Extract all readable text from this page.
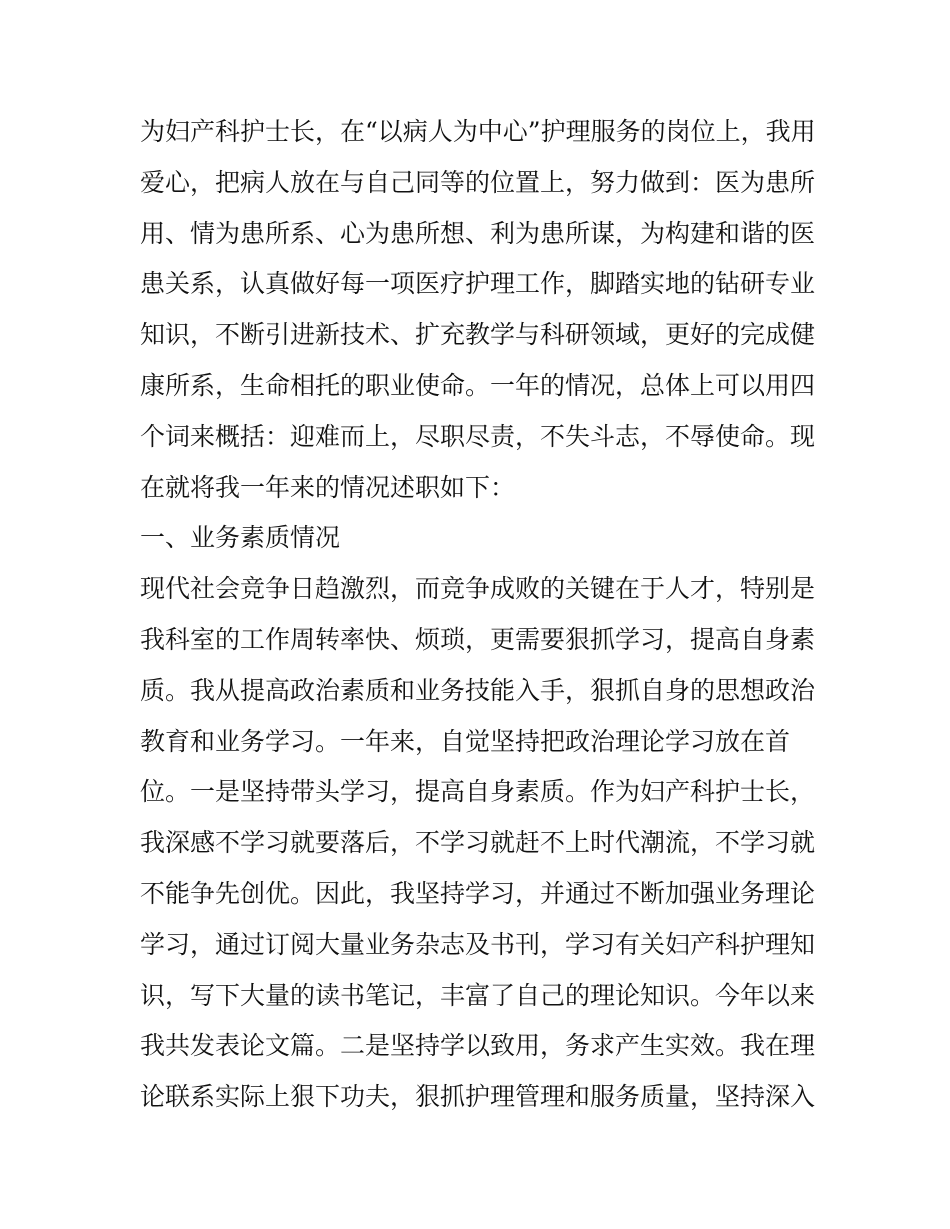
为妇产科护士长，在“以病人为中心”护理服务的岗位上，我用
爱心，把病人放在与自己同等的位置上，努力做到：医为患所
用、情为患所系、心为患所想、利为患所谋，为构建和谐的医
患关系，认真做好每一项医疗护理工作，脚踏实地的钻研专业
知识，不断引进新技术、扩充教学与科研领域，更好的完成健
康所系，生命相托的职业使命。一年的情况，总体上可以用四
个词来概括：迎难而上，尽职尽责，不失斗志，不辱使命。现
在就将我一年来的情况述职如下：
一、业务素质情况
现代社会竞争日趋激烈，而竞争成败的关键在于人才，特别是
我科室的工作周转率快、烦琐，更需要狠抓学习，提高自身素
质。我从提高政治素质和业务技能入手，狠抓自身的思想政治
教育和业务学习。一年来，自觉坚持把政治理论学习放在首
位。一是坚持带头学习，提高自身素质。作为妇产科护士长，
我深感不学习就要落后，不学习就赶不上时代潮流，不学习就
不能争先创优。因此，我坚持学习，并通过不断加强业务理论
学习，通过订阅大量业务杂志及书刊，学习有关妇产科护理知
识，写下大量的读书笔记，丰富了自己的理论知识。今年以来
我共发表论文篇。二是坚持学以致用，务求产生实效。我在理
论联系实际上狠下功夫，狠抓护理管理和服务质量，坚持深入
